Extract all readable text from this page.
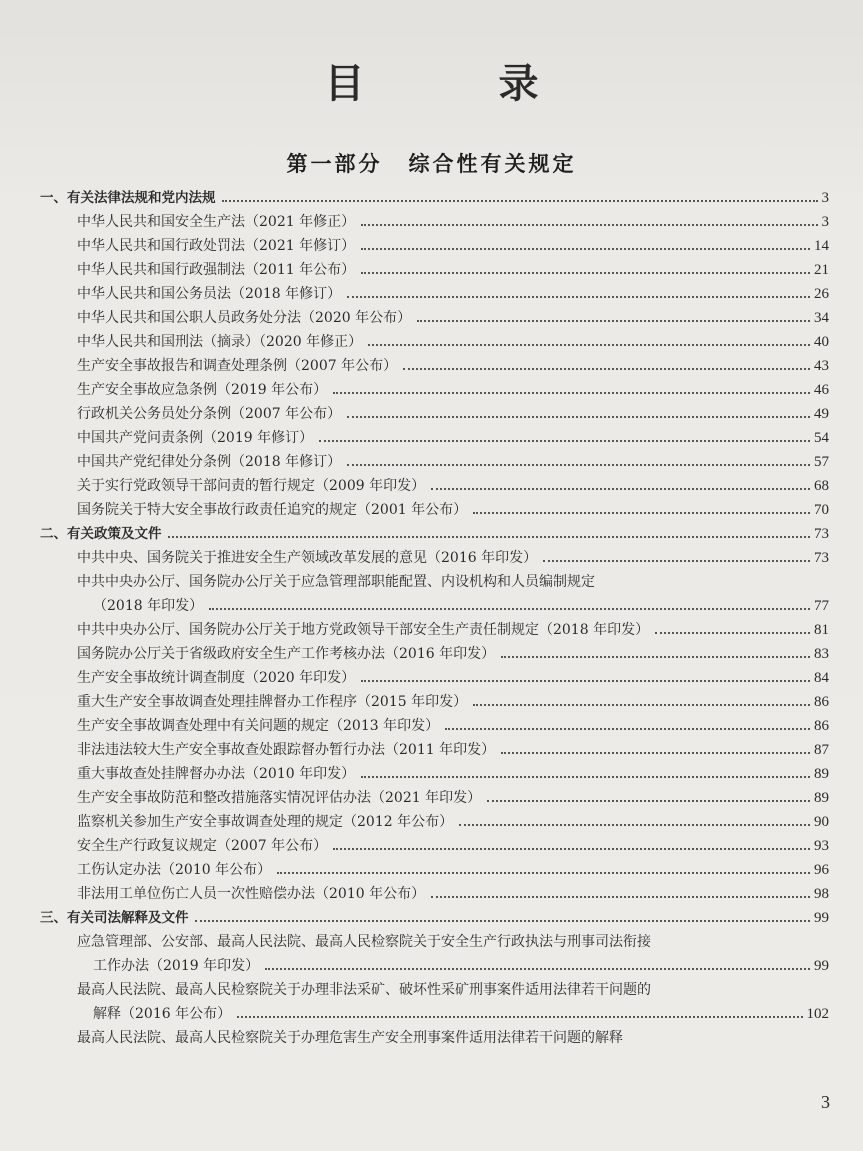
目 录
第一部分 综合性有关规定
一、有关法律法规和党内法规	3
中华人民共和国安全生产法（2021 年修正）	3
中华人民共和国行政处罚法（2021 年修订）	14
中华人民共和国行政强制法（2011 年公布）	21
中华人民共和国公务员法（2018 年修订）	26
中华人民共和国公职人员政务处分法（2020 年公布）	34
中华人民共和国刑法（摘录）（2020 年修正）	40
生产安全事故报告和调查处理条例（2007 年公布）	43
生产安全事故应急条例（2019 年公布）	46
行政机关公务员处分条例（2007 年公布）	49
中国共产党问责条例（2019 年修订）	54
中国共产党纪律处分条例（2018 年修订）	57
关于实行党政领导干部问责的暂行规定（2009 年印发）	68
国务院关于特大安全事故行政责任追究的规定（2001 年公布）	70
二、有关政策及文件	73
中共中央、国务院关于推进安全生产领域改革发展的意见（2016 年印发）	73
中共中央办公厅、国务院办公厅关于应急管理部职能配置、内设机构和人员编制规定
（2018 年印发）	77
中共中央办公厅、国务院办公厅关于地方党政领导干部安全生产责任制规定（2018 年印发）	81
国务院办公厅关于省级政府安全生产工作考核办法（2016 年印发）	83
生产安全事故统计调查制度（2020 年印发）	84
重大生产安全事故调查处理挂牌督办工作程序（2015 年印发）	86
生产安全事故调查处理中有关问题的规定（2013 年印发）	86
非法违法较大生产安全事故查处跟踪督办暂行办法（2011 年印发）	87
重大事故查处挂牌督办办法（2010 年印发）	89
生产安全事故防范和整改措施落实情况评估办法（2021 年印发）	89
监察机关参加生产安全事故调查处理的规定（2012 年公布）	90
安全生产行政复议规定（2007 年公布）	93
工伤认定办法（2010 年公布）	96
非法用工单位伤亡人员一次性赔偿办法（2010 年公布）	98
三、有关司法解释及文件	99
应急管理部、公安部、最高人民法院、最高人民检察院关于安全生产行政执法与刑事司法衔接
工作办法（2019 年印发）	99
最高人民法院、最高人民检察院关于办理非法采矿、破坏性采矿刑事案件适用法律若干问题的
解释（2016 年公布）	102
最高人民法院、最高人民检察院关于办理危害生产安全刑事案件适用法律若干问题的解释
3
